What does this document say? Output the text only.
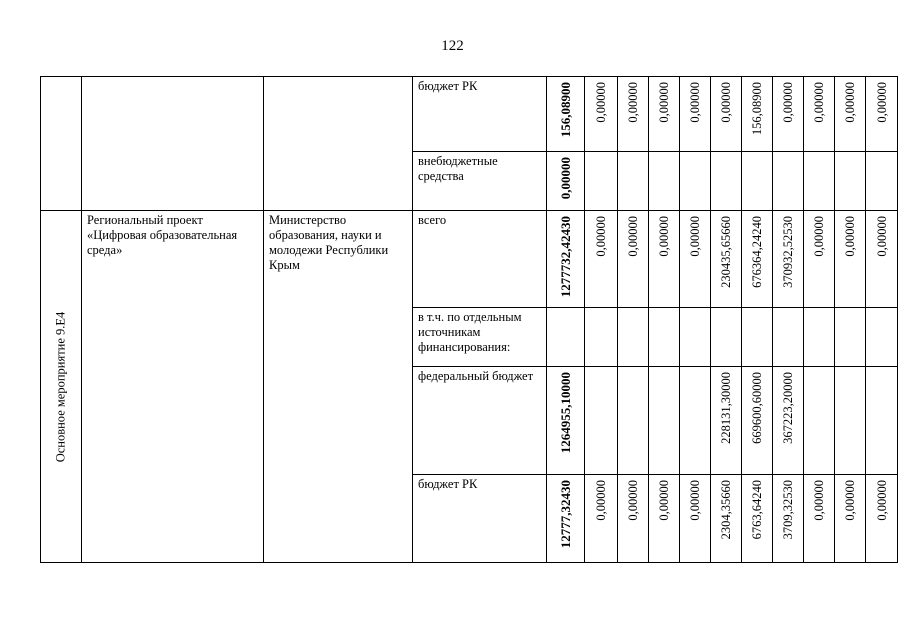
122

			бюджет РК	156,08900	0,00000	0,00000	0,00000	0,00000	0,00000	156,08900	0,00000	0,00000	0,00000	0,00000

			внебюджетные средства	0,00000										

Основное мероприятие 9.Е4	Региональный проект «Цифровая образовательная среда»	Министерство образования, науки и молодежи Республики Крым	всего	1277732,42430	0,00000	0,00000	0,00000	0,00000	230435,65660	676364,24240	370932,52530	0,00000	0,00000	0,00000

			в т.ч. по отдельным источникам финансирования:											

			федеральный бюджет	1264955,10000					228131,30000	669600,60000	367223,20000			

			бюджет РК	12777,32430	0,00000	0,00000	0,00000	0,00000	2304,35660	6763,64240	3709,32530	0,00000	0,00000	0,00000
